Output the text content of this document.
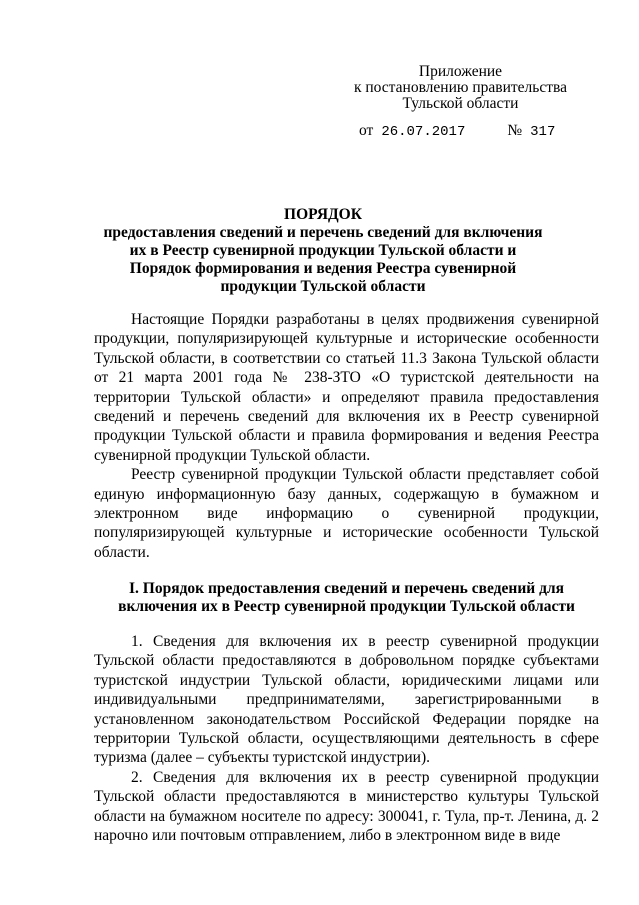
Приложение
к постановлению правительства
Тульской области
от 26.07.2017	№ 317
ПОРЯДОК
предоставления сведений и перечень сведений для включения их в Реестр сувенирной продукции Тульской области и Порядок формирования и ведения Реестра сувенирной продукции Тульской области

Настоящие Порядки разработаны в целях продвижения сувенирной продукции, популяризирующей культурные и исторические особенности Тульской области, в соответствии со статьей 11.3 Закона Тульской области от 21 марта 2001 года № 238-ЗТО «О туристской деятельности на территории Тульской области» и определяют правила предоставления сведений и перечень сведений для включения их в Реестр сувенирной продукции Тульской области и правила формирования и ведения Реестра сувенирной продукции Тульской области.

Реестр сувенирной продукции Тульской области представляет собой единую информационную базу данных, содержащую в бумажном и электронном виде информацию о сувенирной продукции, популяризирующей культурные и исторические особенности Тульской области.

I. Порядок предоставления сведений и перечень сведений для включения их в Реестр сувенирной продукции Тульской области

1. Сведения для включения их в реестр сувенирной продукции Тульской области предоставляются в добровольном порядке субъектами туристской индустрии Тульской области, юридическими лицами или индивидуальными предпринимателями, зарегистрированными в установленном законодательством Российской Федерации порядке на территории Тульской области, осуществляющими деятельность в сфере туризма (далее – субъекты туристской индустрии).

2. Сведения для включения их в реестр сувенирной продукции Тульской области предоставляются в министерство культуры Тульской области на бумажном носителе по адресу: 300041, г. Тула, пр-т. Ленина, д. 2 нарочно или почтовым отправлением, либо в электронном виде в виде
